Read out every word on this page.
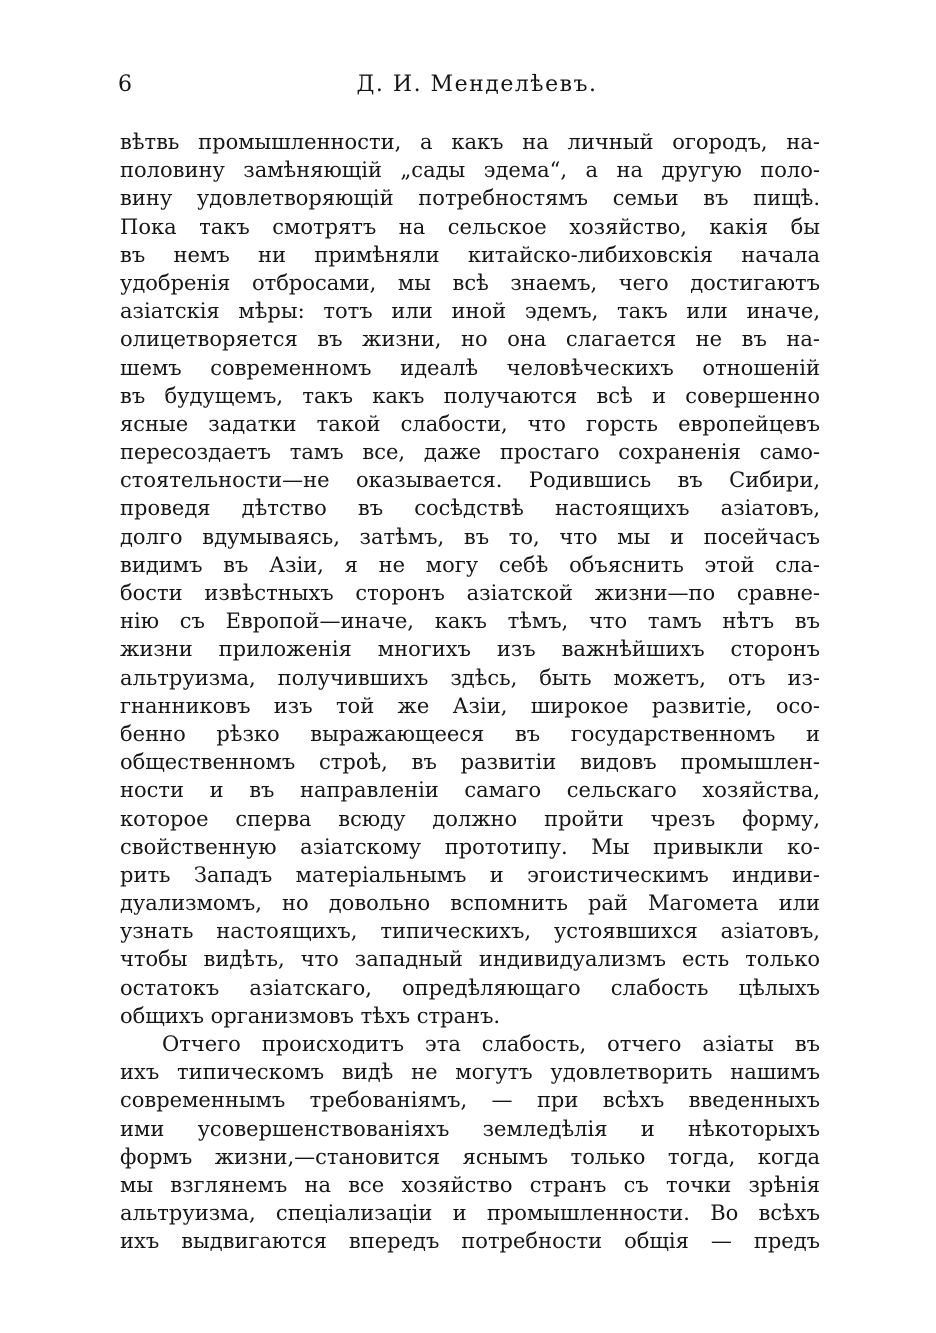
6	Д. И. Менделѣевъ.
вѣтвь промышленности, а какъ на личный огородъ, на-
половину замѣняющій „сады эдема“, а на другую поло-
вину удовлетворяющій потребностямъ семьи въ пищѣ.
Пока такъ смотрятъ на сельское хозяйство, какія бы
въ немъ ни примѣняли китайско-либиховскія начала
удобренія отбросами, мы всѣ знаемъ, чего достигаютъ
азіатскія мѣры: тотъ или иной эдемъ, такъ или иначе,
олицетворяется въ жизни, но она слагается не въ на-
шемъ современномъ идеалѣ человѣческихъ отношеній
въ будущемъ, такъ какъ получаются всѣ и совершенно
ясные задатки такой слабости, что горсть европейцевъ
пересоздаетъ тамъ все, даже простаго сохраненія само-
стоятельности—не оказывается. Родившись въ Сибири,
проведя дѣтство въ сосѣдствѣ настоящихъ азіатовъ,
долго вдумываясь, затѣмъ, въ то, что мы и посейчасъ
видимъ въ Азіи, я не могу себѣ объяснить этой сла-
бости извѣстныхъ сторонъ азіатской жизни—по сравне-
нію съ Европой—иначе, какъ тѣмъ, что тамъ нѣтъ въ
жизни приложенія многихъ изъ важнѣйшихъ сторонъ
альтруизма, получившихъ здѣсь, быть можетъ, отъ из-
гнанниковъ изъ той же Азіи, широкое развитіе, осо-
бенно рѣзко выражающееся въ государственномъ и
общественномъ строѣ, въ развитіи видовъ промышлен-
ности и въ направленіи самаго сельскаго хозяйства,
которое сперва всюду должно пройти чрезъ форму,
свойственную азіатскому прототипу. Мы привыкли ко-
рить Западъ матеріальнымъ и эгоистическимъ индиви-
дуализмомъ, но довольно вспомнить рай Магомета или
узнать настоящихъ, типическихъ, устоявшихся азіатовъ,
чтобы видѣть, что западный индивидуализмъ есть только
остатокъ азіатскаго, опредѣляющаго слабость цѣлыхъ
общихъ организмовъ тѣхъ странъ.
Отчего происходитъ эта слабость, отчего азіаты въ
ихъ типическомъ видѣ не могутъ удовлетворить нашимъ
современнымъ требованіямъ, — при всѣхъ введенныхъ
ими усовершенствованіяхъ земледѣлія и нѣкоторыхъ
формъ жизни,—становится яснымъ только тогда, когда
мы взглянемъ на все хозяйство странъ съ точки зрѣнія
альтруизма, спеціализаціи и промышленности. Во всѣхъ
ихъ выдвигаются впередъ потребности общія — предъ
